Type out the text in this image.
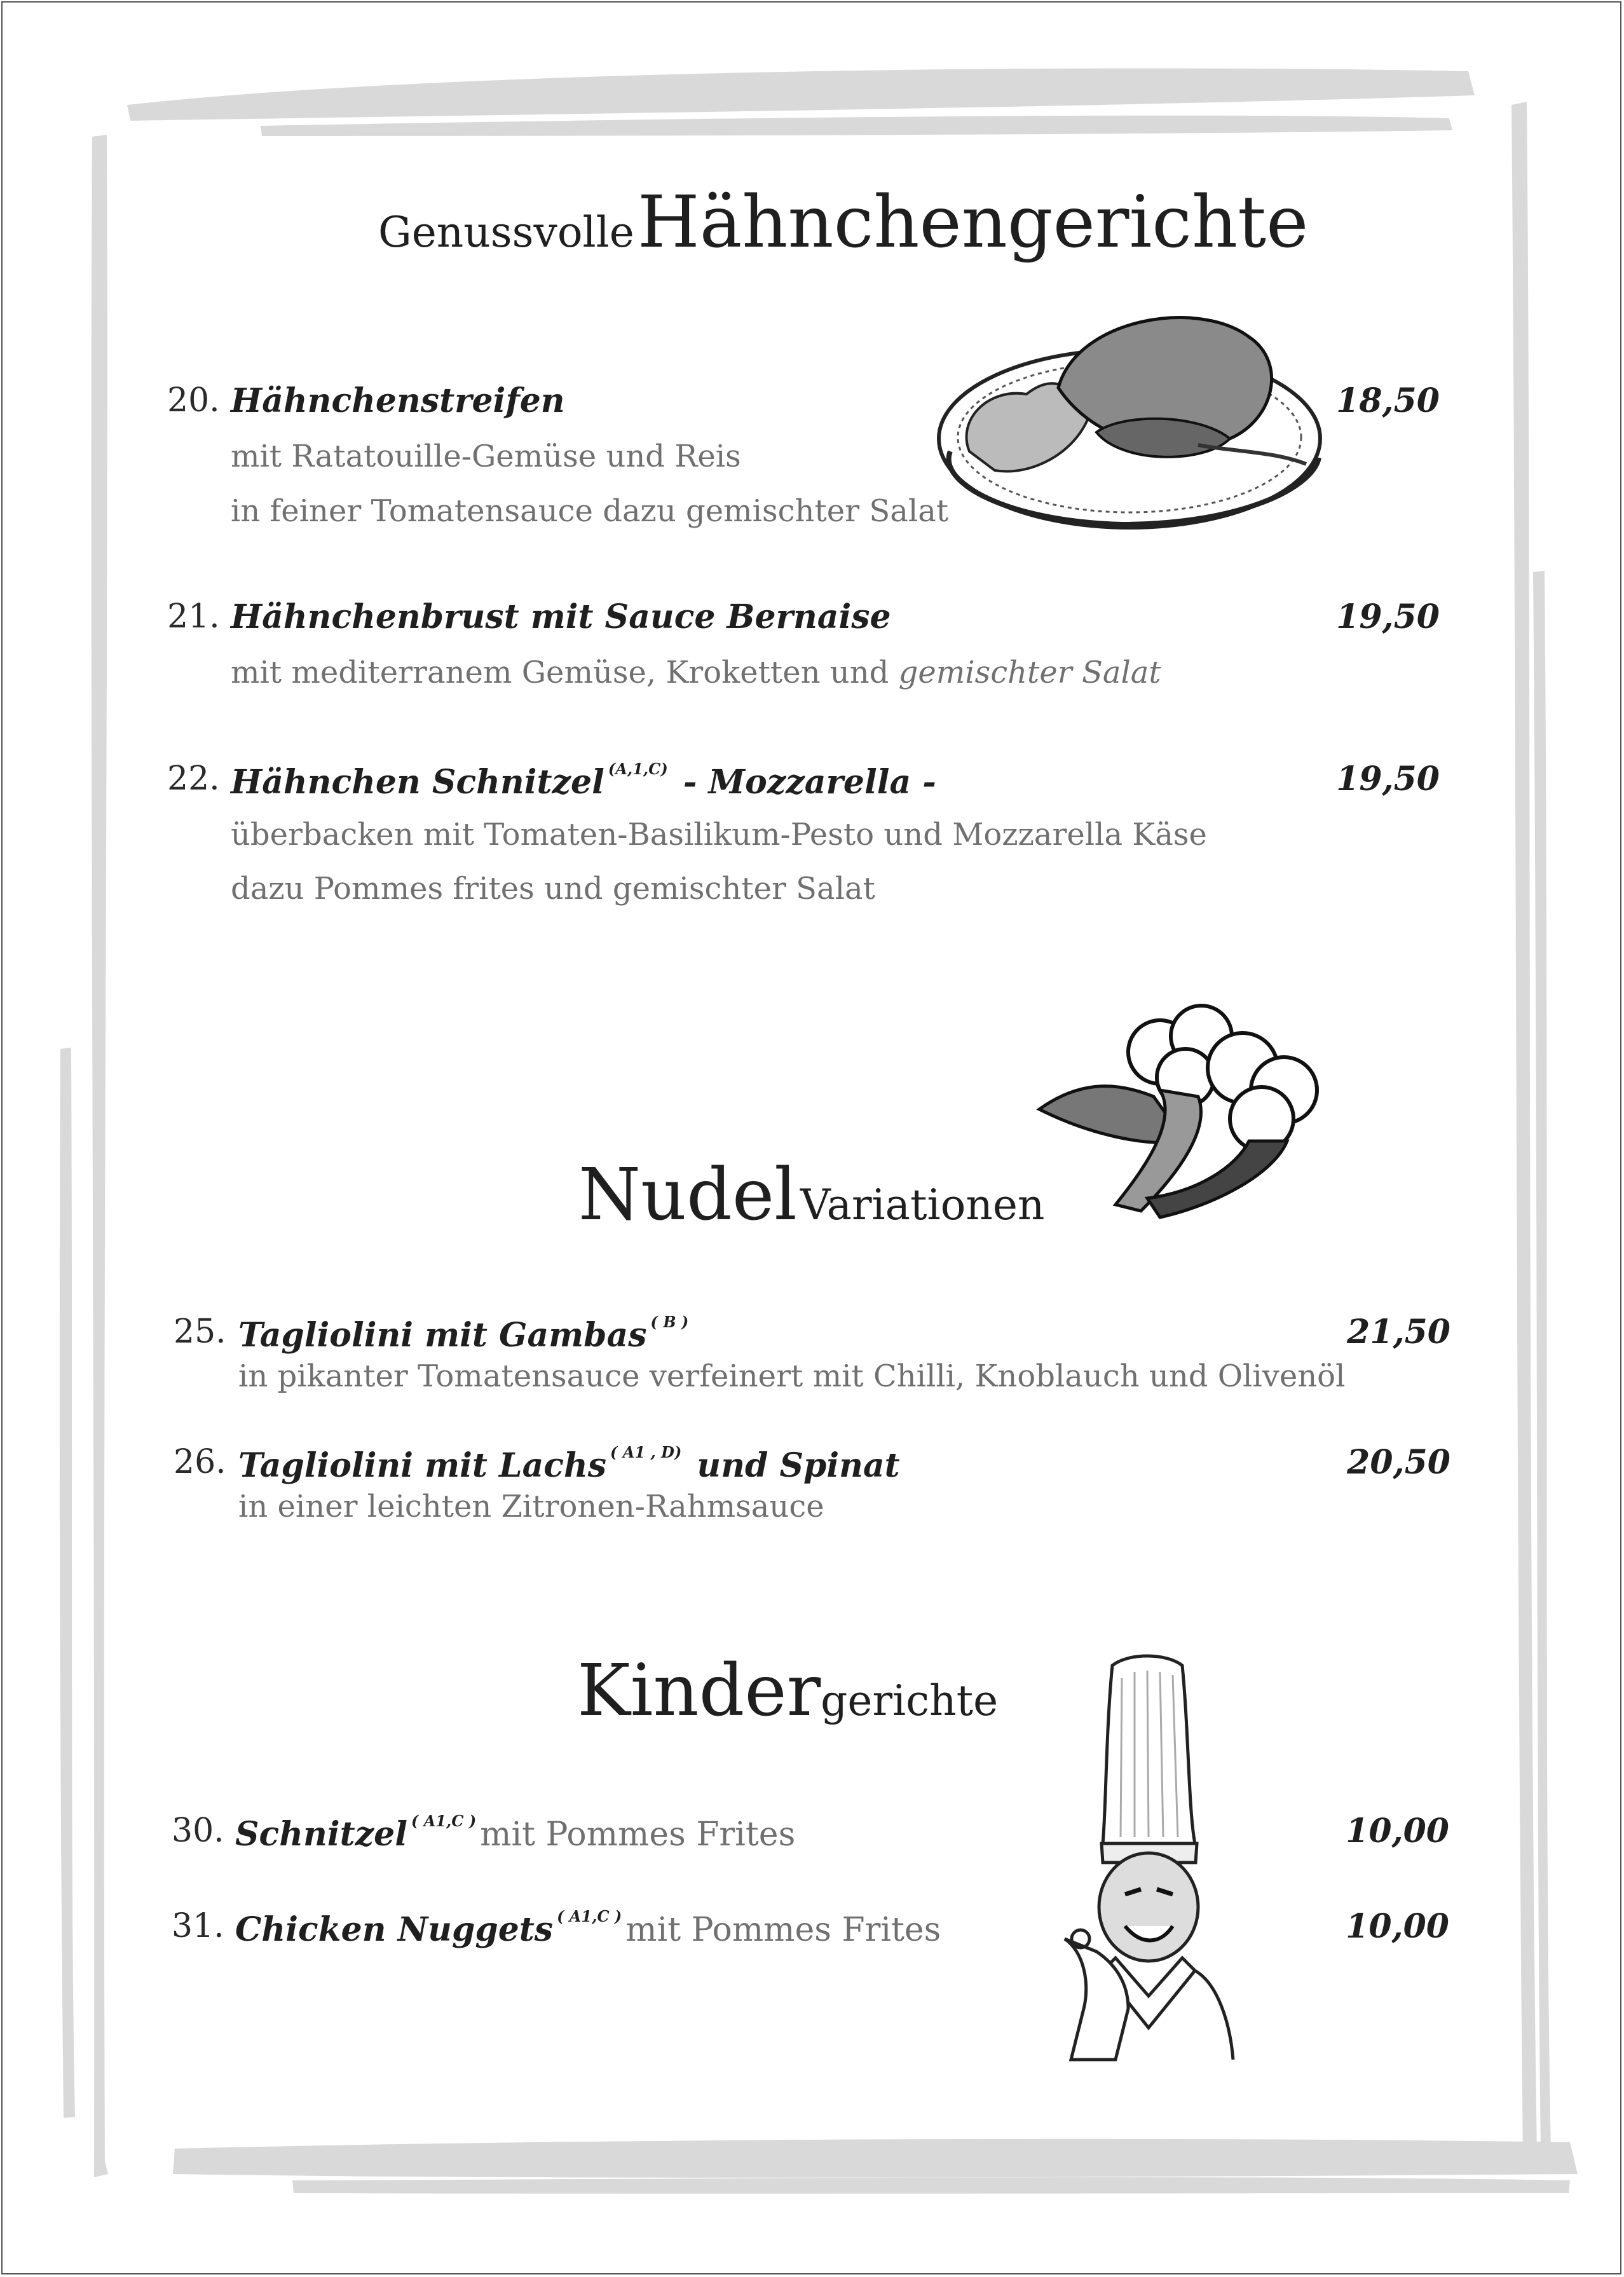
Genussvolle Hähnchengerichte
20. Hähnchenstreifen	18,50
mit Ratatouille-Gemüse und Reis
in feiner Tomatensauce dazu gemischter Salat
21. Hähnchenbrust mit Sauce Bernaise	19,50
mit mediterranem Gemüse, Kroketten und gemischter Salat
22. Hähnchen Schnitzel $^{(A,1,C)}$ - Mozzarella -	19,50
überbacken mit Tomaten-Basilikum-Pesto und Mozzarella Käse
dazu Pommes frites und gemischter Salat
Nudel Variationen
25. Tagliolini mit Gambas $^{( B )}$	21,50
in pikanter Tomatensauce verfeinert mit Chilli, Knoblauch und Olivenöl
26. Tagliolini mit Lachs $^{( A1 , D)}$ und Spinat	20,50
in einer leichten Zitronen-Rahmsauce
Kindergerichte
30. Schnitzel $^{( A1,C )}$ mit Pommes Frites	10,00
31. Chicken Nuggets $^{( A1,C )}$ mit Pommes Frites	10,00
